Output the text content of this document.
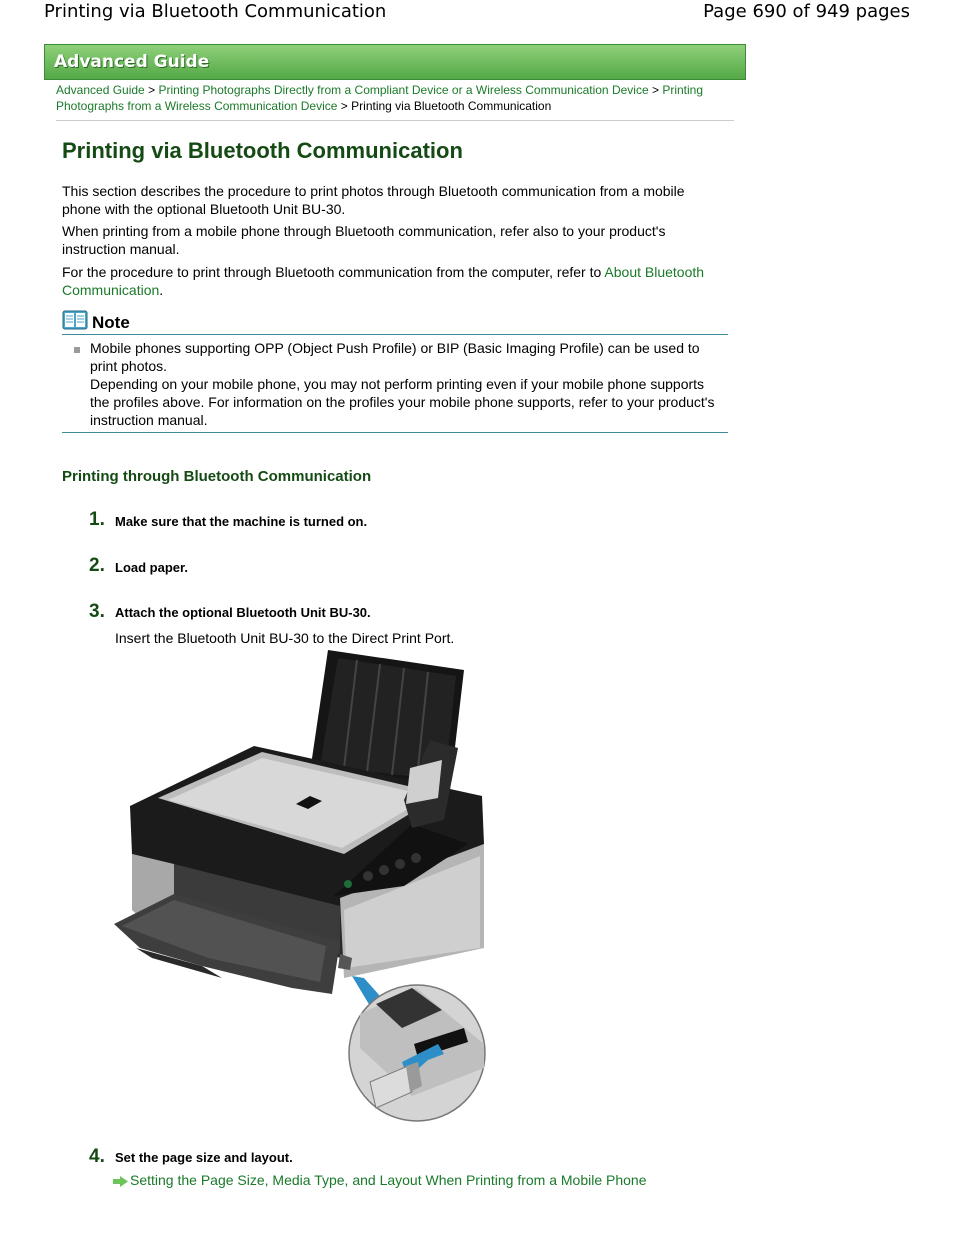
Printing via Bluetooth Communication	Page 690 of 949 pages
Advanced Guide
Advanced Guide > Printing Photographs Directly from a Compliant Device or a Wireless Communication Device > Printing Photographs from a Wireless Communication Device > Printing via Bluetooth Communication
Printing via Bluetooth Communication
This section describes the procedure to print photos through Bluetooth communication from a mobile phone with the optional Bluetooth Unit BU-30.
When printing from a mobile phone through Bluetooth communication, refer also to your product's instruction manual.
For the procedure to print through Bluetooth communication from the computer, refer to About Bluetooth Communication.
Note
Mobile phones supporting OPP (Object Push Profile) or BIP (Basic Imaging Profile) can be used to print photos.
Depending on your mobile phone, you may not perform printing even if your mobile phone supports the profiles above. For information on the profiles your mobile phone supports, refer to your product's instruction manual.
Printing through Bluetooth Communication
1. Make sure that the machine is turned on.
2. Load paper.
3. Attach the optional Bluetooth Unit BU-30.
Insert the Bluetooth Unit BU-30 to the Direct Print Port.
4. Set the page size and layout.
Setting the Page Size, Media Type, and Layout When Printing from a Mobile Phone
